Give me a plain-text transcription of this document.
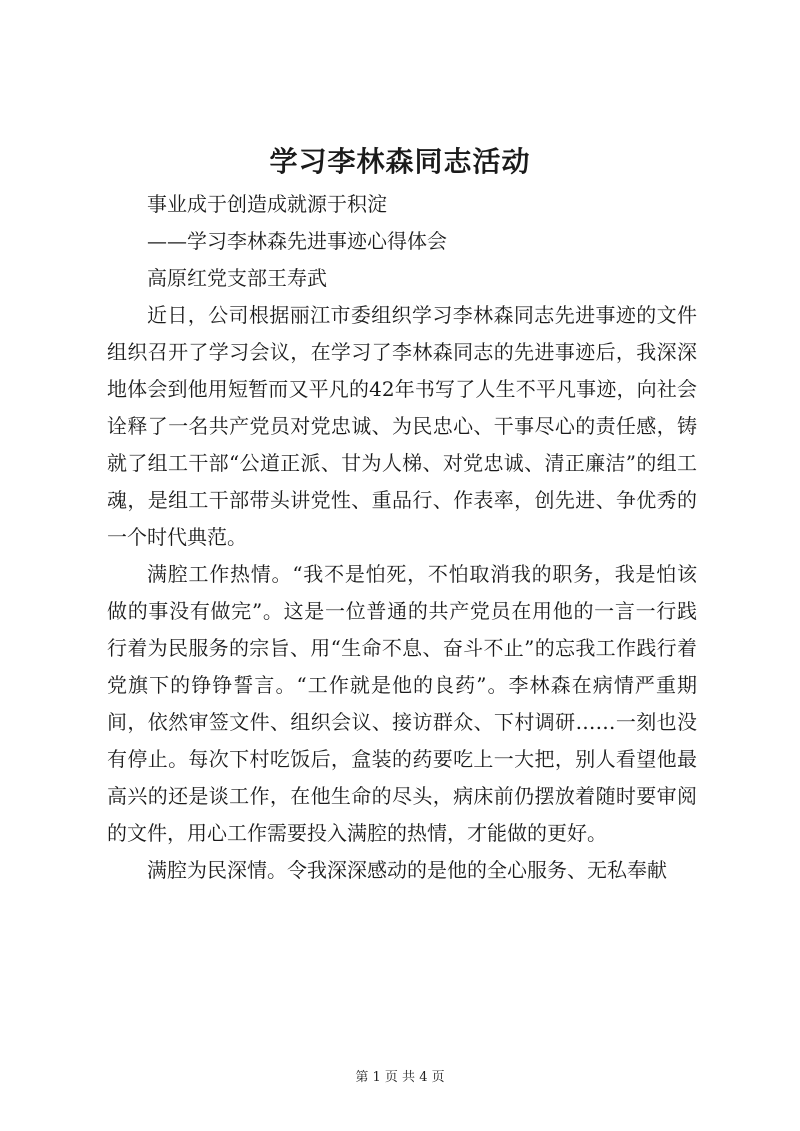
学习李林森同志活动

事业成于创造成就源于积淀

——学习李林森先进事迹心得体会

高原红党支部王寿武

近日，公司根据丽江市委组织学习李林森同志先进事迹的文件组织召开了学习会议，在学习了李林森同志的先进事迹后，我深深地体会到他用短暂而又平凡的42年书写了人生不平凡事迹，向社会诠释了一名共产党员对党忠诚、为民忠心、干事尽心的责任感，铸就了组工干部“公道正派、甘为人梯、对党忠诚、清正廉洁”的组工魂，是组工干部带头讲党性、重品行、作表率，创先进、争优秀的一个时代典范。

满腔工作热情。“我不是怕死，不怕取消我的职务，我是怕该做的事没有做完”。这是一位普通的共产党员在用他的一言一行践行着为民服务的宗旨、用“生命不息、奋斗不止”的忘我工作践行着党旗下的铮铮誓言。“工作就是他的良药”。李林森在病情严重期间，依然审签文件、组织会议、接访群众、下村调研……一刻也没有停止。每次下村吃饭后，盒装的药要吃上一大把，别人看望他最高兴的还是谈工作，在他生命的尽头，病床前仍摆放着随时要审阅的文件，用心工作需要投入满腔的热情，才能做的更好。

满腔为民深情。令我深深感动的是他的全心服务、无私奉献

第 1 页 共 4 页
